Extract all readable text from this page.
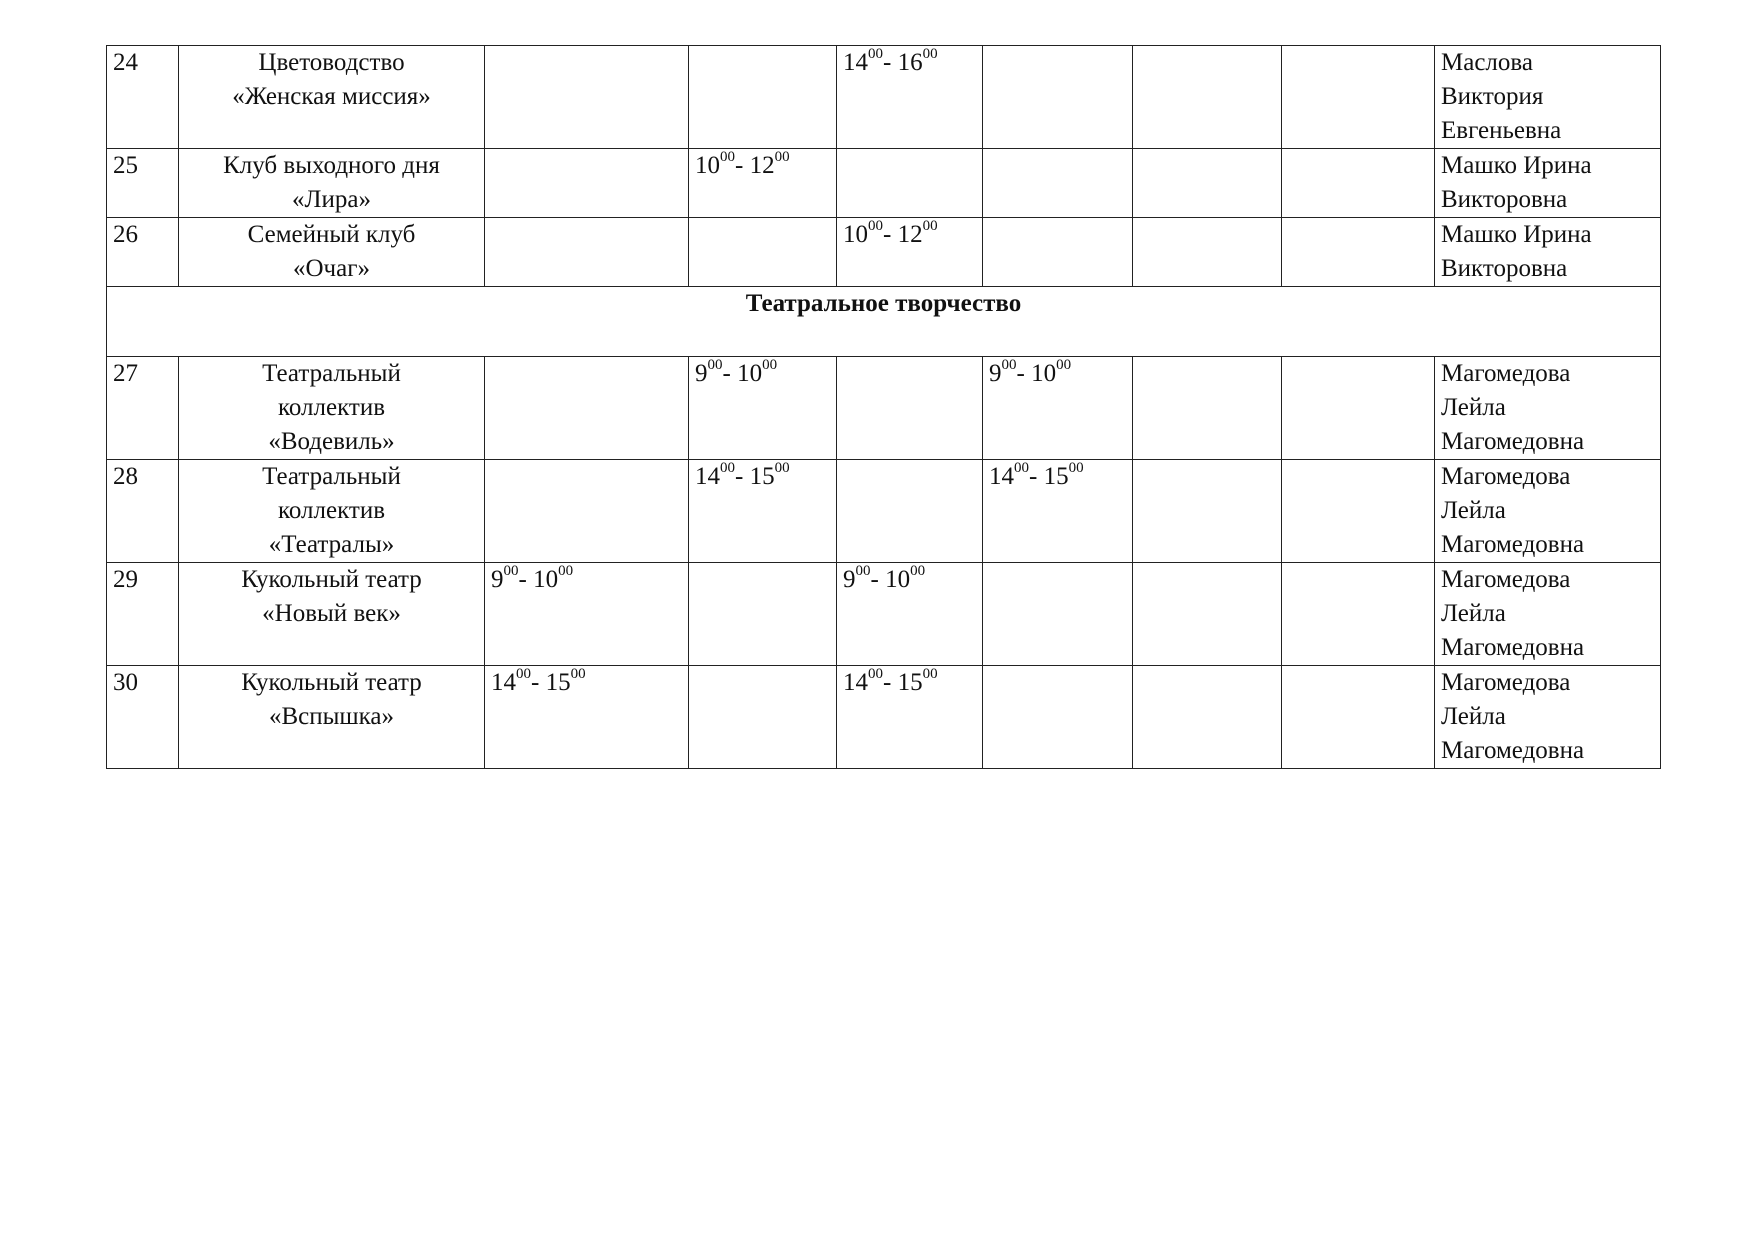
24	Цветоводство
«Женская миссия»			$14^{00}-$ $16^{00}$				Маслова
Виктория
Евгеньевна

25	Клуб выходного дня
«Лира»		$10^{00}-$ $12^{00}$					Машко Ирина
Викторовна

26	Семейный клуб
«Очаг»			$10^{00}-$ $12^{00}$				Машко Ирина
Викторовна

Театральное творчество								
27	Театральный
коллектив
«Водевиль»		$9^{00}-$ $10^{00}$		$9^{00}-$ $10^{00}$			Магомедова
Лейла
Магомедовна

28	Театральный
коллектив
«Театралы»		$14^{00}-$ $15^{00}$		$14^{00}-$ $15^{00}$			Магомедова
Лейла
Магомедовна

29	Кукольный театр
«Новый век»	$9^{00}-$ $10^{00}$		$9^{00}-$ $10^{00}$				Магомедова
Лейла
Магомедовна

30	Кукольный театр
«Вспышка»	$14^{00}-$ $15^{00}$		$14^{00}-$ $15^{00}$				Магомедова
Лейла
Магомедовна
